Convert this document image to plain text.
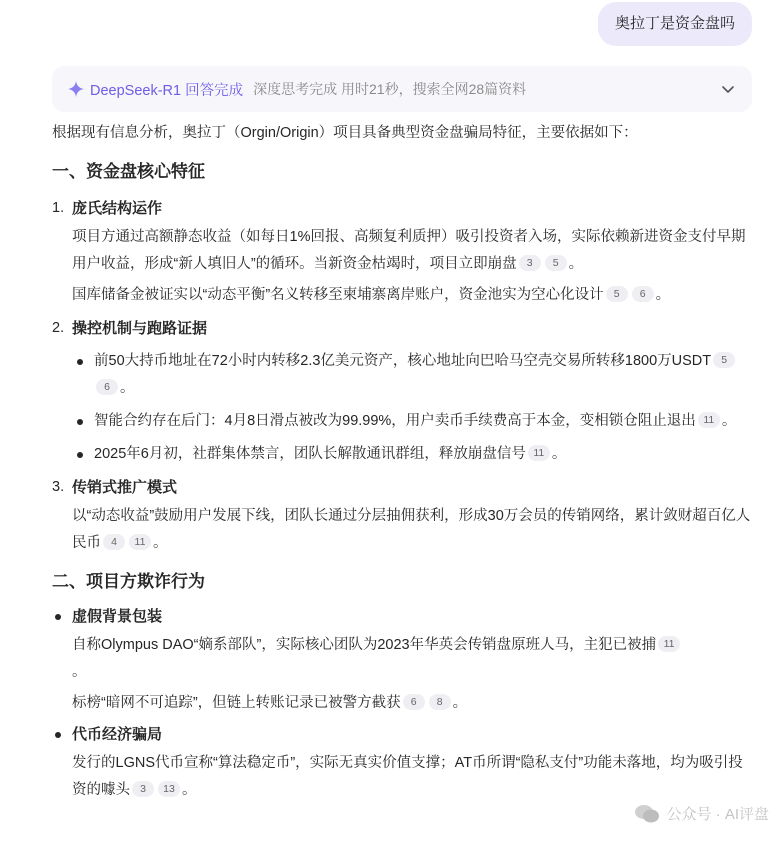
奥拉丁是资金盘吗
DeepSeek-R1 回答完成 深度思考完成 用时21秒，搜索全网28篇资料

根据现有信息分析，奥拉丁（Orgin/Origin）项目具备典型资金盘骗局特征，主要依据如下：

一、资金盘核心特征
1. 庞氏结构运作

项目方通过高额静态收益（如每日1%回报、高频复利质押）吸引投资者入场，实际依赖新进资金支付早期用户收益，形成“新人填旧人”的循环。当新资金枯竭时，项目立即崩盘 3 5 。

国库储备金被证实以“动态平衡”名义转移至柬埔寨离岸账户，资金池实为空心化设计 5 6 。

2. 操控机制与跑路证据
前50大持币地址在72小时内转移2.3亿美元资产，核心地址向巴哈马空壳交易所转移1800万USDT 56 。
智能合约存在后门：4月8日滑点被改为99.99%，用户卖币手续费高于本金，变相锁仓阻止退出 11 。
2025年6月初，社群集体禁言，团队长解散通讯群组，释放崩盘信号 11 。
3. 传销式推广模式

以“动态收益”鼓励用户发展下线，团队长通过分层抽佣获利，形成30万会员的传销网络，累计敛财超百亿人民币 4 11 。

二、项目方欺诈行为
虚假背景包装

自称Olympus DAO“嫡系部队”，实际核心团队为2023年华英会传销盘原班人马，主犯已被捕 11
。

标榜“暗网不可追踪”，但链上转账记录已被警方截获 6 8 。

代币经济骗局

发行的LGNS代币宣称“算法稳定币”，实际无真实价值支撑；AT币所谓“隐私支付”功能未落地，均为吸引投资的噱头 3 13 。

公众号 · AI评盘
